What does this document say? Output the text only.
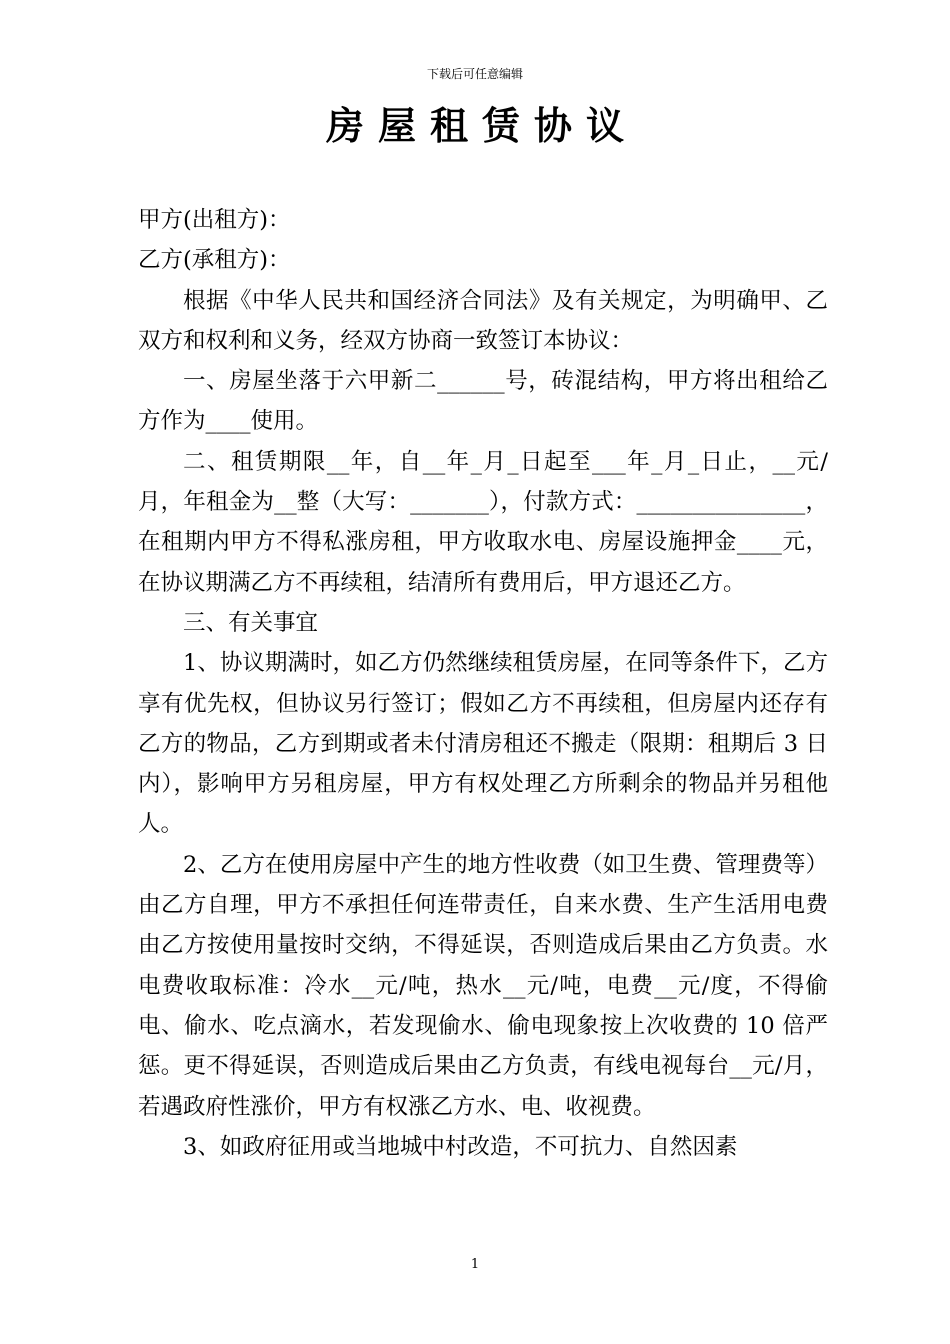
下载后可任意编辑
房屋租赁协议

甲方(出租方)：

乙方(承租方)：

根据《中华人民共和国经济合同法》及有关规定，为明确甲、乙双方和权利和义务，经双方协商一致签订本协议：

一、房屋坐落于六甲新二______号，砖混结构，甲方将出租给乙方作为____使用。

二、租赁期限__年，自__年_月_日起至___年_月_日止，__元/月，年租金为__整（大写：_______），付款方式：_______________，在租期内甲方不得私涨房租，甲方收取水电、房屋设施押金____元，在协议期满乙方不再续租，结清所有费用后，甲方退还乙方。

三、有关事宜

1、协议期满时，如乙方仍然继续租赁房屋，在同等条件下，乙方享有优先权，但协议另行签订；假如乙方不再续租，但房屋内还存有乙方的物品，乙方到期或者未付清房租还不搬走（限期：租期后 3 日内），影响甲方另租房屋，甲方有权处理乙方所剩余的物品并另租他人。

2、乙方在使用房屋中产生的地方性收费（如卫生费、管理费等）由乙方自理，甲方不承担任何连带责任，自来水费、生产生活用电费由乙方按使用量按时交纳，不得延误，否则造成后果由乙方负责。水电费收取标准：冷水__元/吨，热水__元/吨，电费__元/度，不得偷电、偷水、吃点滴水，若发现偷水、偷电现象按上次收费的 10 倍严惩。更不得延误，否则造成后果由乙方负责，有线电视每台__元/月，若遇政府性涨价，甲方有权涨乙方水、电、收视费。

3、如政府征用或当地城中村改造，不可抗力、自然因素

1
